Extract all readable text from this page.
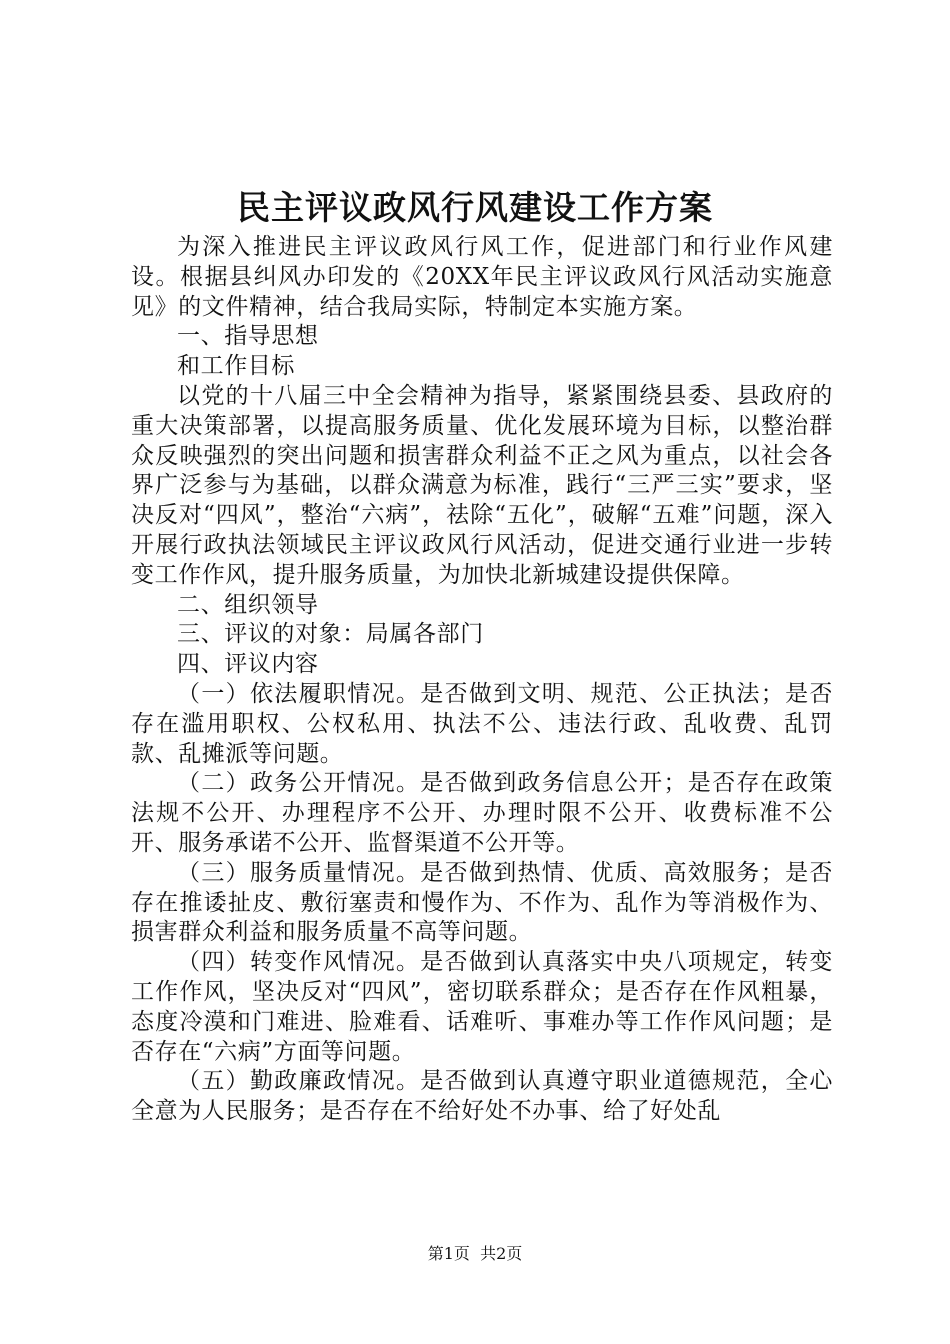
民主评议政风行风建设工作方案

为深入推进民主评议政风行风工作，促进部门和行业作风建设。根据县纠风办印发的《20XX年民主评议政风行风活动实施意见》的文件精神，结合我局实际，特制定本实施方案。

一、指导思想

和工作目标

以党的十八届三中全会精神为指导，紧紧围绕县委、县政府的重大决策部署，以提高服务质量、优化发展环境为目标，以整治群众反映强烈的突出问题和损害群众利益不正之风为重点，以社会各界广泛参与为基础，以群众满意为标准，践行“三严三实”要求，坚决反对“四风”，整治“六病”，祛除“五化”，破解“五难”问题，深入开展行政执法领域民主评议政风行风活动，促进交通行业进一步转变工作作风，提升服务质量，为加快北新城建设提供保障。

二、组织领导

三、评议的对象：局属各部门

四、评议内容

（一）依法履职情况。是否做到文明、规范、公正执法；是否存在滥用职权、公权私用、执法不公、违法行政、乱收费、乱罚款、乱摊派等问题。

（二）政务公开情况。是否做到政务信息公开；是否存在政策法规不公开、办理程序不公开、办理时限不公开、收费标准不公开、服务承诺不公开、监督渠道不公开等。

（三）服务质量情况。是否做到热情、优质、高效服务；是否存在推诿扯皮、敷衍塞责和慢作为、不作为、乱作为等消极作为、损害群众利益和服务质量不高等问题。

（四）转变作风情况。是否做到认真落实中央八项规定，转变工作作风，坚决反对“四风”，密切联系群众；是否存在作风粗暴，态度冷漠和门难进、脸难看、话难听、事难办等工作作风问题；是否存在“六病”方面等问题。

（五）勤政廉政情况。是否做到认真遵守职业道德规范，全心全意为人民服务；是否存在不给好处不办事、给了好处乱

第1页 共2页
